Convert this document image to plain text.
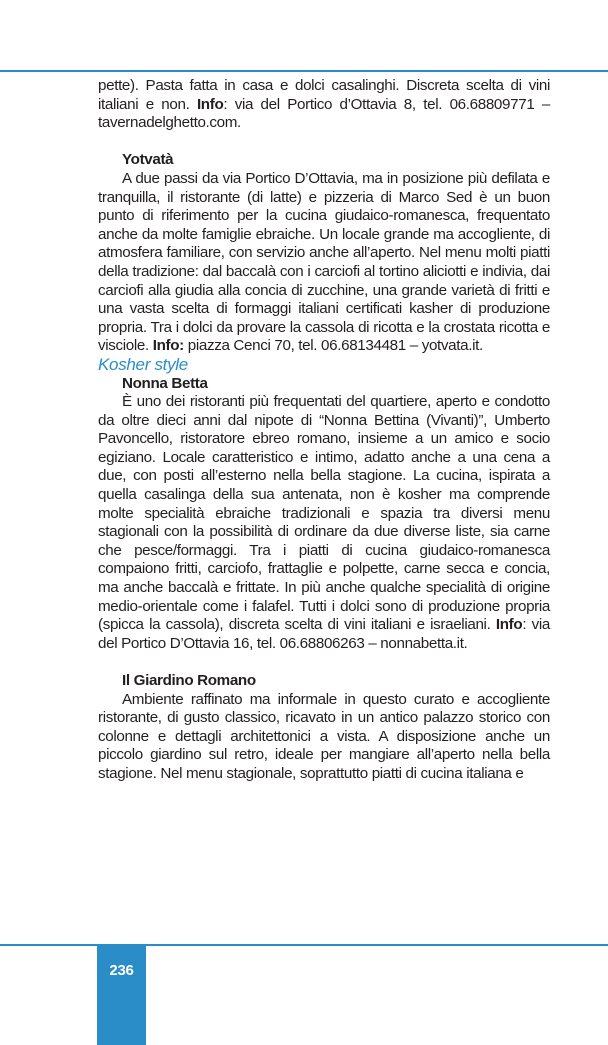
pette). Pasta fatta in casa e dolci casalinghi. Discreta scelta di vini italiani e non. Info: via del Portico d’Ottavia 8, tel. 06.68809771 – tavernadelghetto.com.

Yotvatà

A due passi da via Portico D’Ottavia, ma in posizione più defilata e tranquilla, il ristorante (di latte) e pizzeria di Marco Sed è un buon punto di riferimento per la cucina giudaico-romanesca, frequentato anche da molte famiglie ebraiche. Un locale grande ma accogliente, di atmosfera familiare, con servizio anche all’aperto. Nel menu molti piatti della tradizione: dal baccalà con i carciofi al tortino aliciotti e indivia, dai carciofi alla giudia alla concia di zucchine, una grande varietà di fritti e una vasta scelta di formaggi italiani certificati kasher di produzione propria. Tra i dolci da provare la cassola di ricotta e la crostata ricotta e visciole. Info: piazza Cenci 70, tel. 06.68134481 – yotvata.it.

Kosher style

Nonna Betta

È uno dei ristoranti più frequentati del quartiere, aperto e condotto da oltre dieci anni dal nipote di “Nonna Bettina (Vivanti)”, Umberto Pavoncello, ristoratore ebreo romano, insieme a un amico e socio egiziano. Locale caratteristico e intimo, adatto anche a una cena a due, con posti all’esterno nella bella stagione. La cucina, ispirata a quella casalinga della sua antenata, non è kosher ma comprende molte specialità ebraiche tradizionali e spazia tra diversi menu stagionali con la possibilità di ordinare da due diverse liste, sia carne che pesce/formaggi. Tra i piatti di cucina giudaico-romanesca compaiono fritti, carciofo, frattaglie e polpette, carne secca e concia, ma anche baccalà e frittate. In più anche qualche specialità di origine medio-orientale come i falafel. Tutti i dolci sono di produzione propria (spicca la cassola), discreta scelta di vini italiani e israeliani. Info: via del Portico D’Ottavia 16, tel. 06.68806263 – nonnabetta.it.

Il Giardino Romano

Ambiente raffinato ma informale in questo curato e accogliente ristorante, di gusto classico, ricavato in un antico palazzo storico con colonne e dettagli architettonici a vista. A disposizione anche un piccolo giardino sul retro, ideale per mangiare all’aperto nella bella stagione. Nel menu stagionale, soprattutto piatti di cucina italiana e

236
